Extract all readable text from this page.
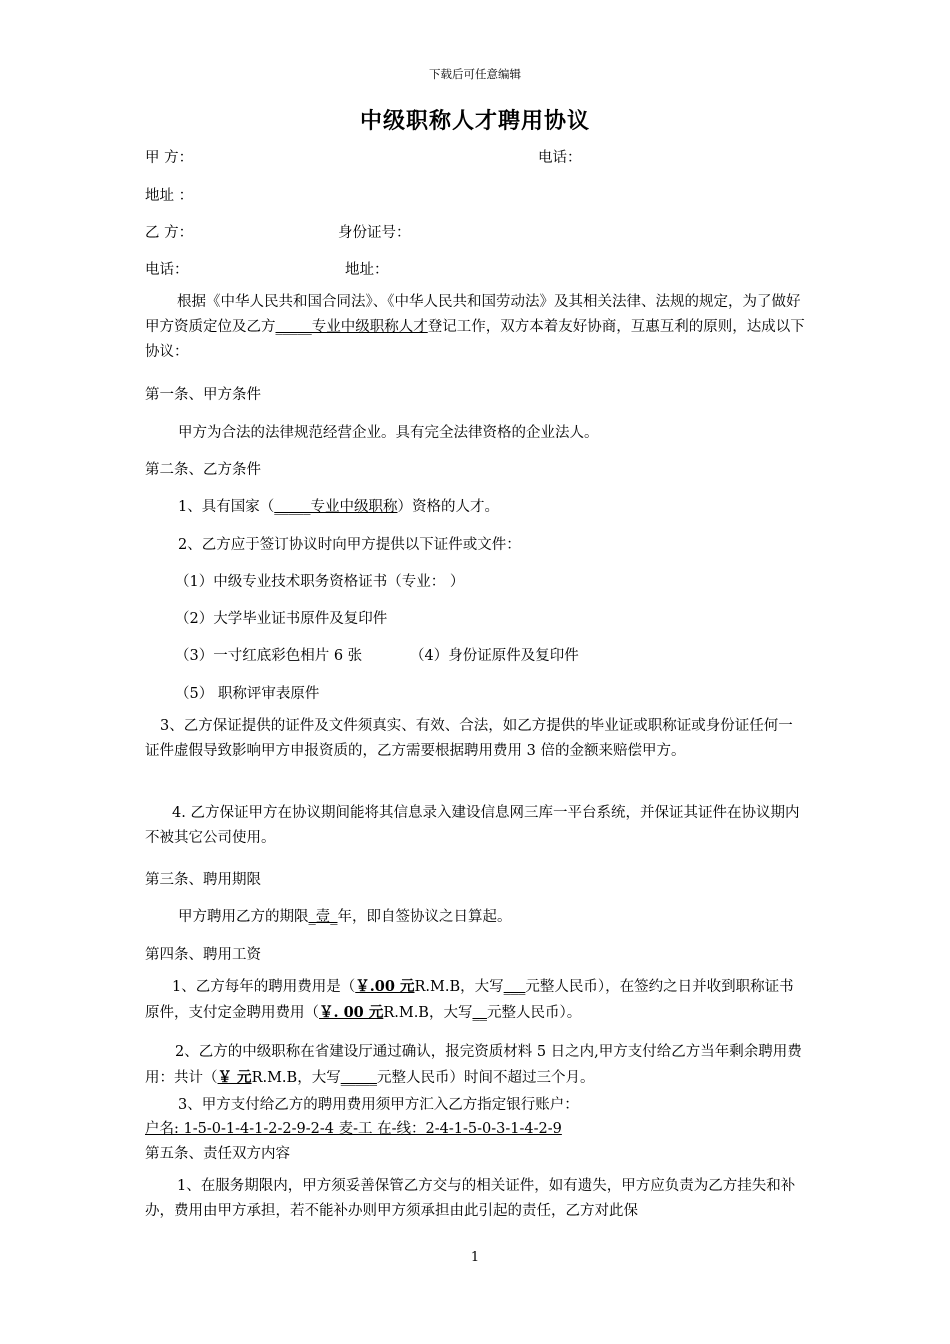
下载后可任意编辑
中级职称人才聘用协议
甲 方：	电话：
地址 ：
乙 方：	身份证号：
电话：	地址：
根据《中华人民共和国合同法》、《中华人民共和国劳动法》及其相关法律、法规的规定，为了做好甲方资质定位及乙方_____专业中级职称人才登记工作，双方本着友好协商，互惠互利的原则，达成以下协议：
第一条、甲方条件
甲方为合法的法律规范经营企业。具有完全法律资格的企业法人。
第二条、乙方条件
1、具有国家（_____专业中级职称）资格的人才。
2、乙方应于签订协议时向甲方提供以下证件或文件：
（1）中级专业技术职务资格证书（专业： ）
（2）大学毕业证书原件及复印件
（3）一寸红底彩色相片 6 张	（4）身份证原件及复印件
（5） 职称评审表原件
3、乙方保证提供的证件及文件须真实、有效、合法，如乙方提供的毕业证或职称证或身份证任何一证件虚假导致影响甲方申报资质的，乙方需要根据聘用费用 3 倍的金额来赔偿甲方。
4. 乙方保证甲方在协议期间能将其信息录入建设信息网三库一平台系统，并保证其证件在协议期内不被其它公司使用。
第三条、聘用期限
甲方聘用乙方的期限_壹_年，即自签协议之日算起。
第四条、聘用工资
1、乙方每年的聘用费用是（￥.00 元R.M.B，大写___元整人民币），在签约之日并收到职称证书原件，支付定金聘用费用（￥. 00 元R.M.B，大写__元整人民币）。
2、乙方的中级职称在省建设厅通过确认，报完资质材料 5 日之内,甲方支付给乙方当年剩余聘用费用：共计（￥ 元R.M.B，大写_____元整人民币）时间不超过三个月。
3、甲方支付给乙方的聘用费用须甲方汇入乙方指定银行账户：
户名: 1-5-0-1-4-1-2-2-9-2-4 麦-工 在-线：2-4-1-5-0-3-1-4-2-9
第五条、责任双方内容
1、在服务期限内，甲方须妥善保管乙方交与的相关证件，如有遗失，甲方应负责为乙方挂失和补办，费用由甲方承担，若不能补办则甲方须承担由此引起的责任，乙方对此保
1
